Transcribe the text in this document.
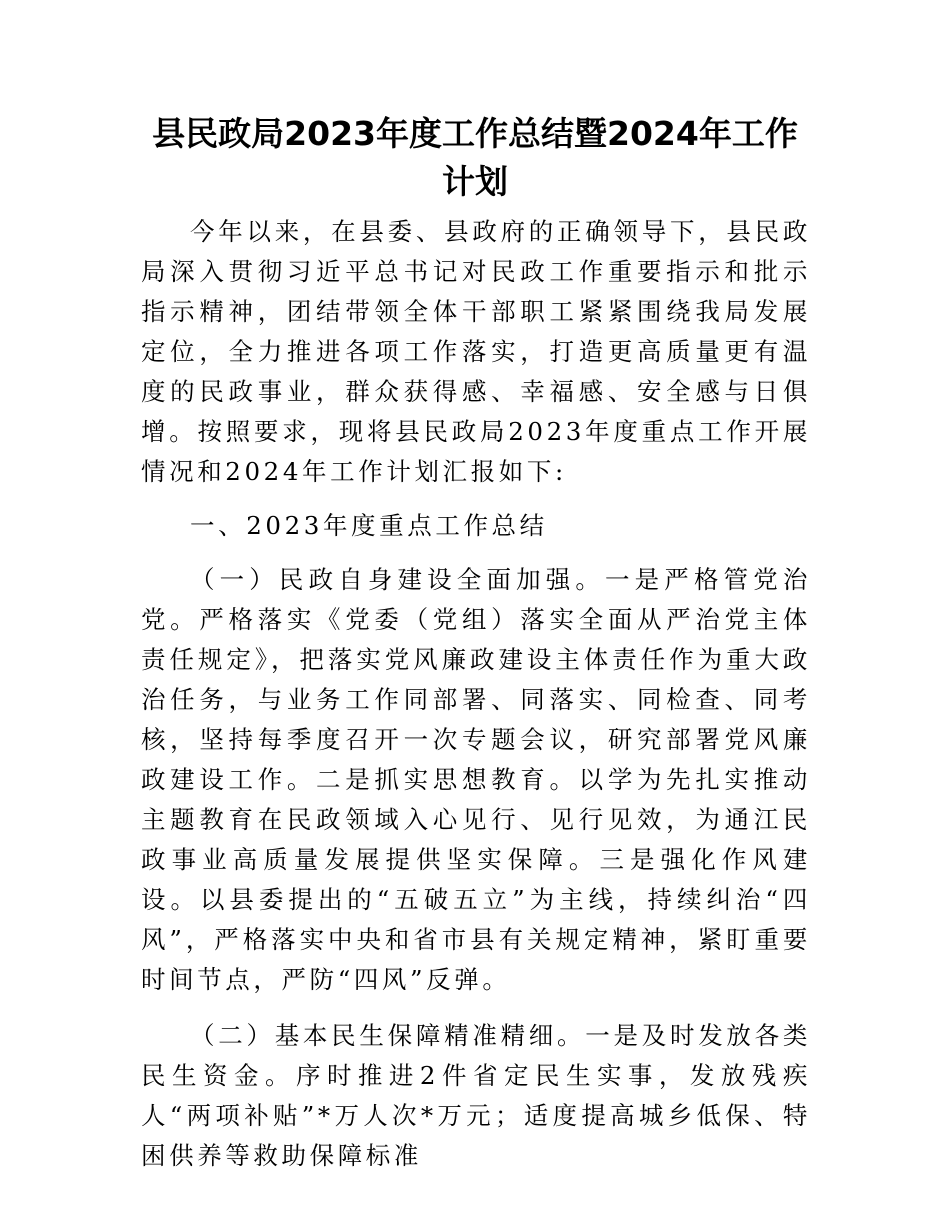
县民政局2023年度工作总结暨2024年工作计划

今年以来，在县委、县政府的正确领导下，县民政局深入贯彻习近平总书记对民政工作重要指示和批示指示精神，团结带领全体干部职工紧紧围绕我局发展定位，全力推进各项工作落实，打造更高质量更有温度的民政事业，群众获得感、幸福感、安全感与日俱增。按照要求，现将县民政局2023年度重点工作开展情况和2024年工作计划汇报如下:

一、2023年度重点工作总结

（一）民政自身建设全面加强。一是严格管党治党。严格落实《党委（党组）落实全面从严治党主体责任规定》，把落实党风廉政建设主体责任作为重大政治任务，与业务工作同部署、同落实、同检查、同考核，坚持每季度召开一次专题会议，研究部署党风廉政建设工作。二是抓实思想教育。以学为先扎实推动主题教育在民政领域入心见行、见行见效，为通江民政事业高质量发展提供坚实保障。三是强化作风建设。以县委提出的“五破五立”为主线，持续纠治“四风”，严格落实中央和省市县有关规定精神，紧盯重要时间节点，严防“四风”反弹。

（二）基本民生保障精准精细。一是及时发放各类民生资金。序时推进2件省定民生实事，发放残疾人“两项补贴”*万人次*万元；适度提高城乡低保、特困供养等救助保障标准
